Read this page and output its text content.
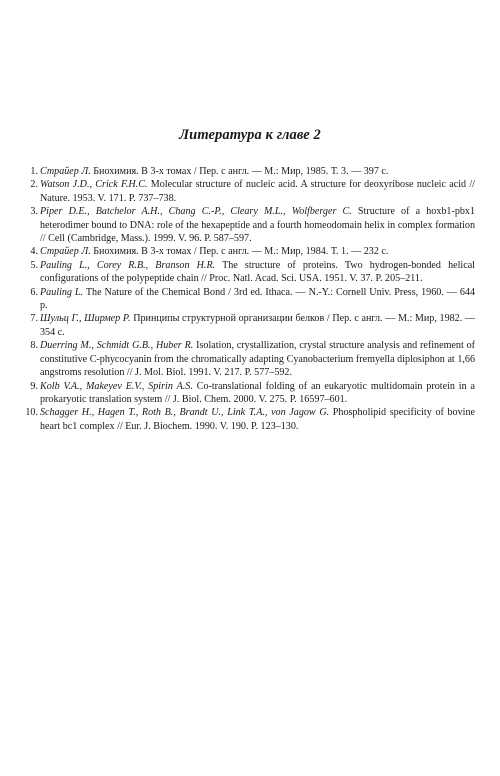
Литература к главе 2
1. Страйер Л. Биохимия. В 3-х томах / Пер. с англ. — М.: Мир, 1985. Т. 3. — 397 с.
2. Watson J.D., Crick F.H.C. Molecular structure of nucleic acid. A structure for deoxyribose nucleic acid // Nature. 1953. V. 171. P. 737–738.
3. Piper D.E., Batchelor A.H., Chang C.-P., Cleary M.L., Wolfberger C. Structure of a hoxb1-pbx1 heterodimer bound to DNA: role of the hexapeptide and a fourth homeodomain helix in complex formation // Cell (Cambridge, Mass.). 1999. V. 96. P. 587–597.
4. Страйер Л. Биохимия. В 3-х томах / Пер. с англ. — М.: Мир, 1984. Т. 1. — 232 с.
5. Pauling L., Corey R.B., Branson H.R. The structure of proteins. Two hydrogen-bonded helical configurations of the polypeptide chain // Proc. Natl. Acad. Sci. USA. 1951. V. 37. P. 205–211.
6. Pauling L. The Nature of the Chemical Bond / 3rd ed. Ithaca. — N.-Y.: Cornell Univ. Press, 1960. — 644 p.
7. Шульц Г., Ширмер Р. Принципы структурной организации белков / Пер. с англ. — М.: Мир, 1982. — 354 с.
8. Duerring M., Schmidt G.B., Huber R. Isolation, crystallization, crystal structure analysis and refinement of constitutive C-phycocyanin from the chromatically adapting Cyanobacterium fremyella diplosiphon at 1,66 angstroms resolution // J. Mol. Biol. 1991. V. 217. P. 577–592.
9. Kolb V.A., Makeyev E.V., Spirin A.S. Co-translational folding of an eukaryotic multidomain protein in a prokaryotic translation system // J. Biol. Chem. 2000. V. 275. P. 16597–601.
10. Schagger H., Hagen T., Roth B., Brandt U., Link T.A., von Jagow G. Phospholipid specificity of bovine heart bc1 complex // Eur. J. Biochem. 1990. V. 190. P. 123–130.
